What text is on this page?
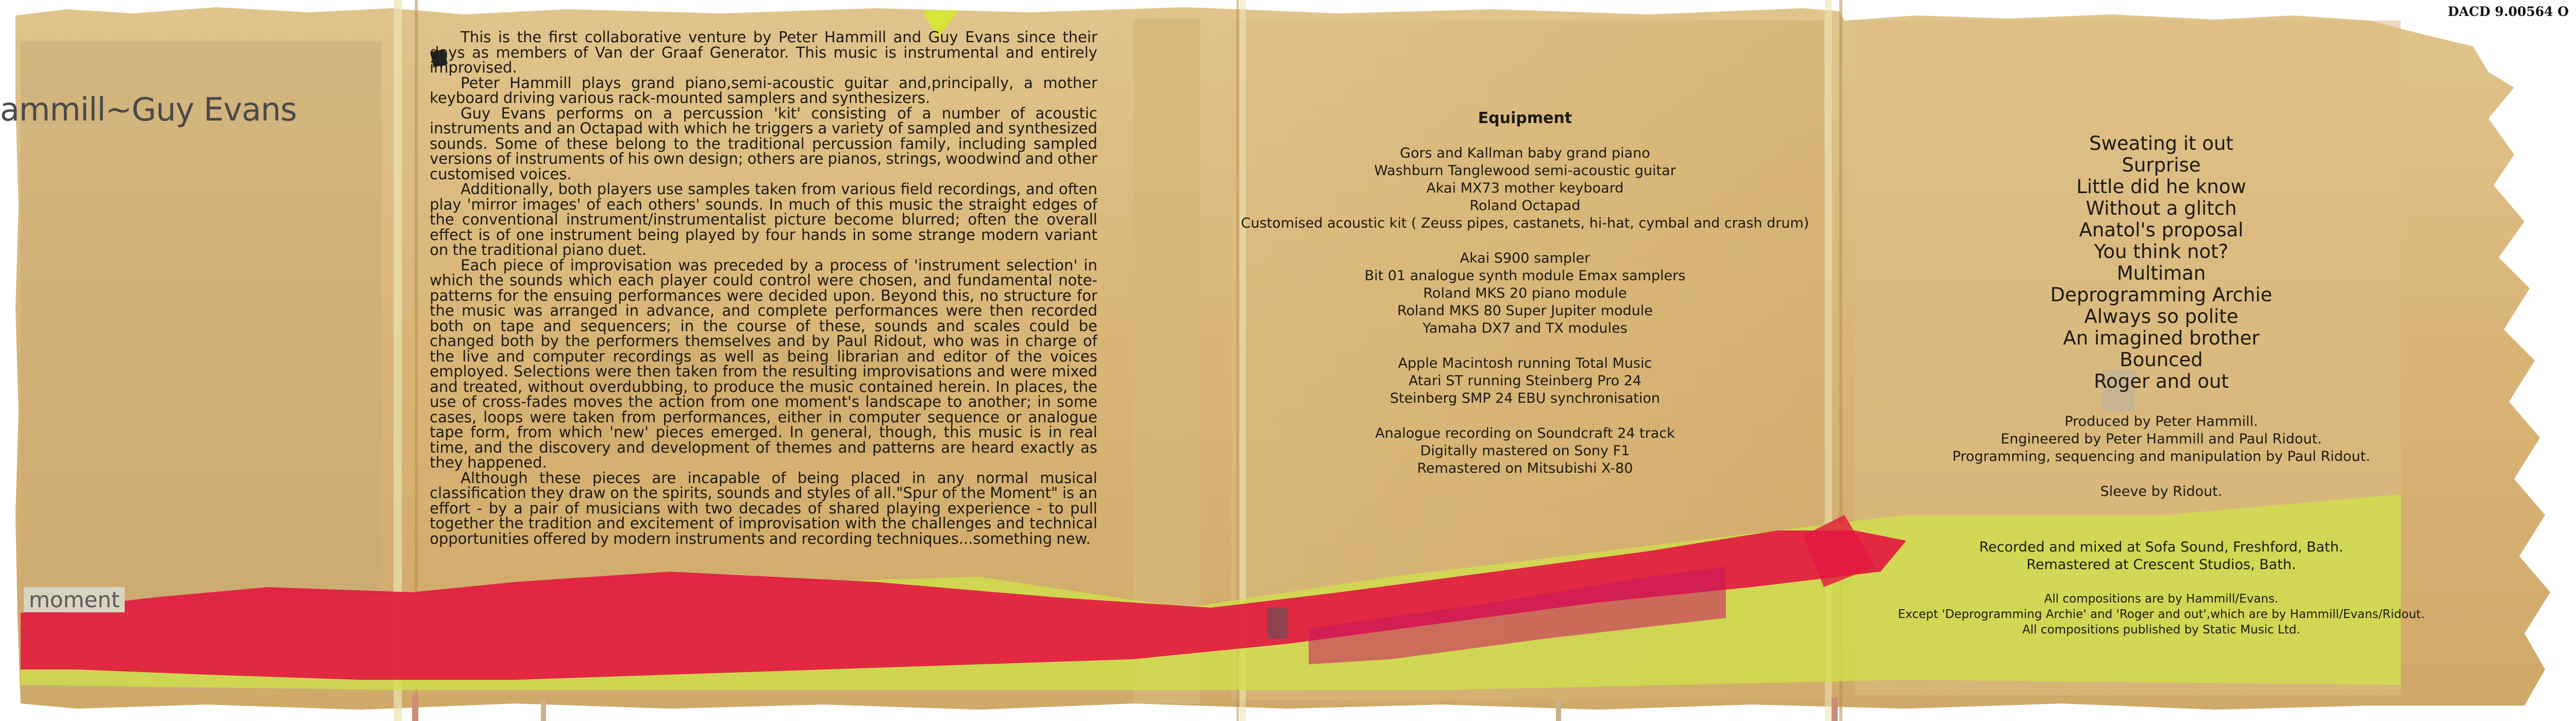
DACD 9.00564 O
ammill~Guy Evans
moment

This is the first collaborative venture by Peter Hammill and Guy Evans since their days as members of Van der Graaf Generator. This music is instrumental and entirely improvised.

Peter Hammill plays grand piano,semi-acoustic guitar and,principally, a mother keyboard driving various rack-mounted samplers and synthesizers.

Guy Evans performs on a percussion 'kit' consisting of a number of acoustic instruments and an Octapad with which he triggers a variety of sampled and synthesized sounds. Some of these belong to the traditional percussion family, including sampled versions of instruments of his own design; others are pianos, strings, woodwind and other customised voices.

Additionally, both players use samples taken from various field recordings, and often play 'mirror images' of each others' sounds. In much of this music the straight edges of the conventional instrument/instrumentalist picture become blurred; often the overall effect is of one instrument being played by four hands in some strange modern variant on the traditional piano duet.

Each piece of improvisation was preceded by a process of 'instrument selection' in which the sounds which each player could control were chosen, and fundamental note-patterns for the ensuing performances were decided upon. Beyond this, no structure for the music was arranged in advance, and complete performances were then recorded both on tape and sequencers; in the course of these, sounds and scales could be changed both by the performers themselves and by Paul Ridout, who was in charge of the live and computer recordings as well as being librarian and editor of the voices employed. Selections were then taken from the resulting improvisations and were mixed and treated, without overdubbing, to produce the music contained herein. In places, the use of cross-fades moves the action from one moment's landscape to another; in some cases, loops were taken from performances, either in computer sequence or analogue tape form, from which 'new' pieces emerged. In general, though, this music is in real time, and the discovery and development of themes and patterns are heard exactly as they happened.

Although these pieces are incapable of being placed in any normal musical classification they draw on the spirits, sounds and styles of all."Spur of the Moment" is an effort - by a pair of musicians with two decades of shared playing experience - to pull together the tradition and excitement of improvisation with the challenges and technical opportunities offered by modern instruments and recording techniques...something new.

Equipment
Gors and Kallman baby grand piano
Washburn Tanglewood semi-acoustic guitar
Akai MX73 mother keyboard
Roland Octapad
Customised acoustic kit ( Zeuss pipes, castanets, hi-hat, cymbal and crash drum)
Akai S900 sampler
Bit 01 analogue synth module Emax samplers
Roland MKS 20 piano module
Roland MKS 80 Super Jupiter module
Yamaha DX7 and TX modules
Apple Macintosh running Total Music
Atari ST running Steinberg Pro 24
Steinberg SMP 24 EBU synchronisation
Analogue recording on Soundcraft 24 track
Digitally mastered on Sony F1
Remastered on Mitsubishi X-80
Sweating it out
Surprise
Little did he know
Without a glitch
Anatol's proposal
You think not?
Multiman
Deprogramming Archie
Always so polite
An imagined brother
Bounced
Roger and out
Produced by Peter Hammill.
Engineered by Peter Hammill and Paul Ridout.
Programming, sequencing and manipulation by Paul Ridout.
Sleeve by Ridout.
Recorded and mixed at Sofa Sound, Freshford, Bath.
Remastered at Crescent Studios, Bath.
All compositions are by Hammill/Evans.
Except 'Deprogramming Archie' and 'Roger and out',which are by Hammill/Evans/Ridout.
All compositions published by Static Music Ltd.
